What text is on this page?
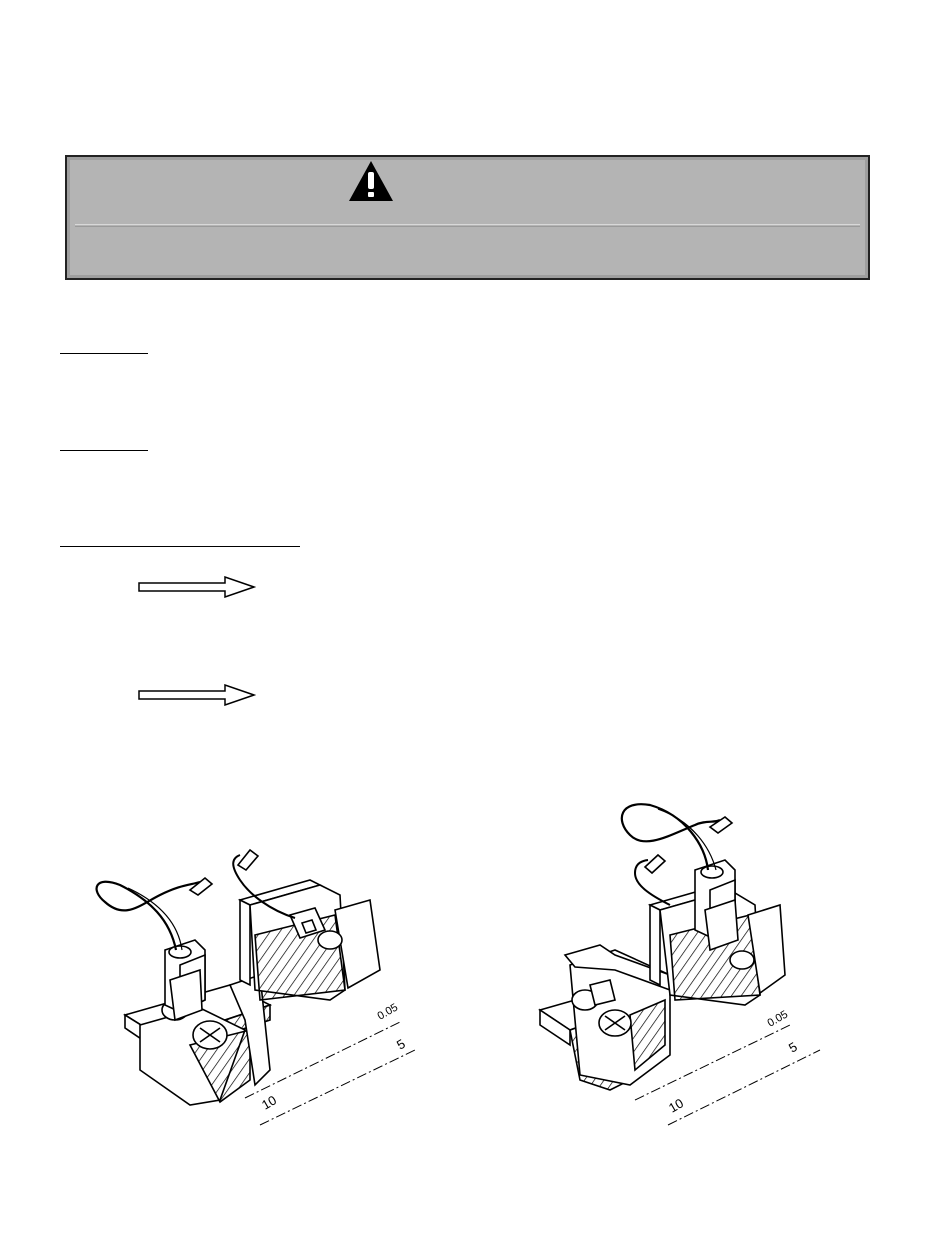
0.05
5
10
0.05
5
10
